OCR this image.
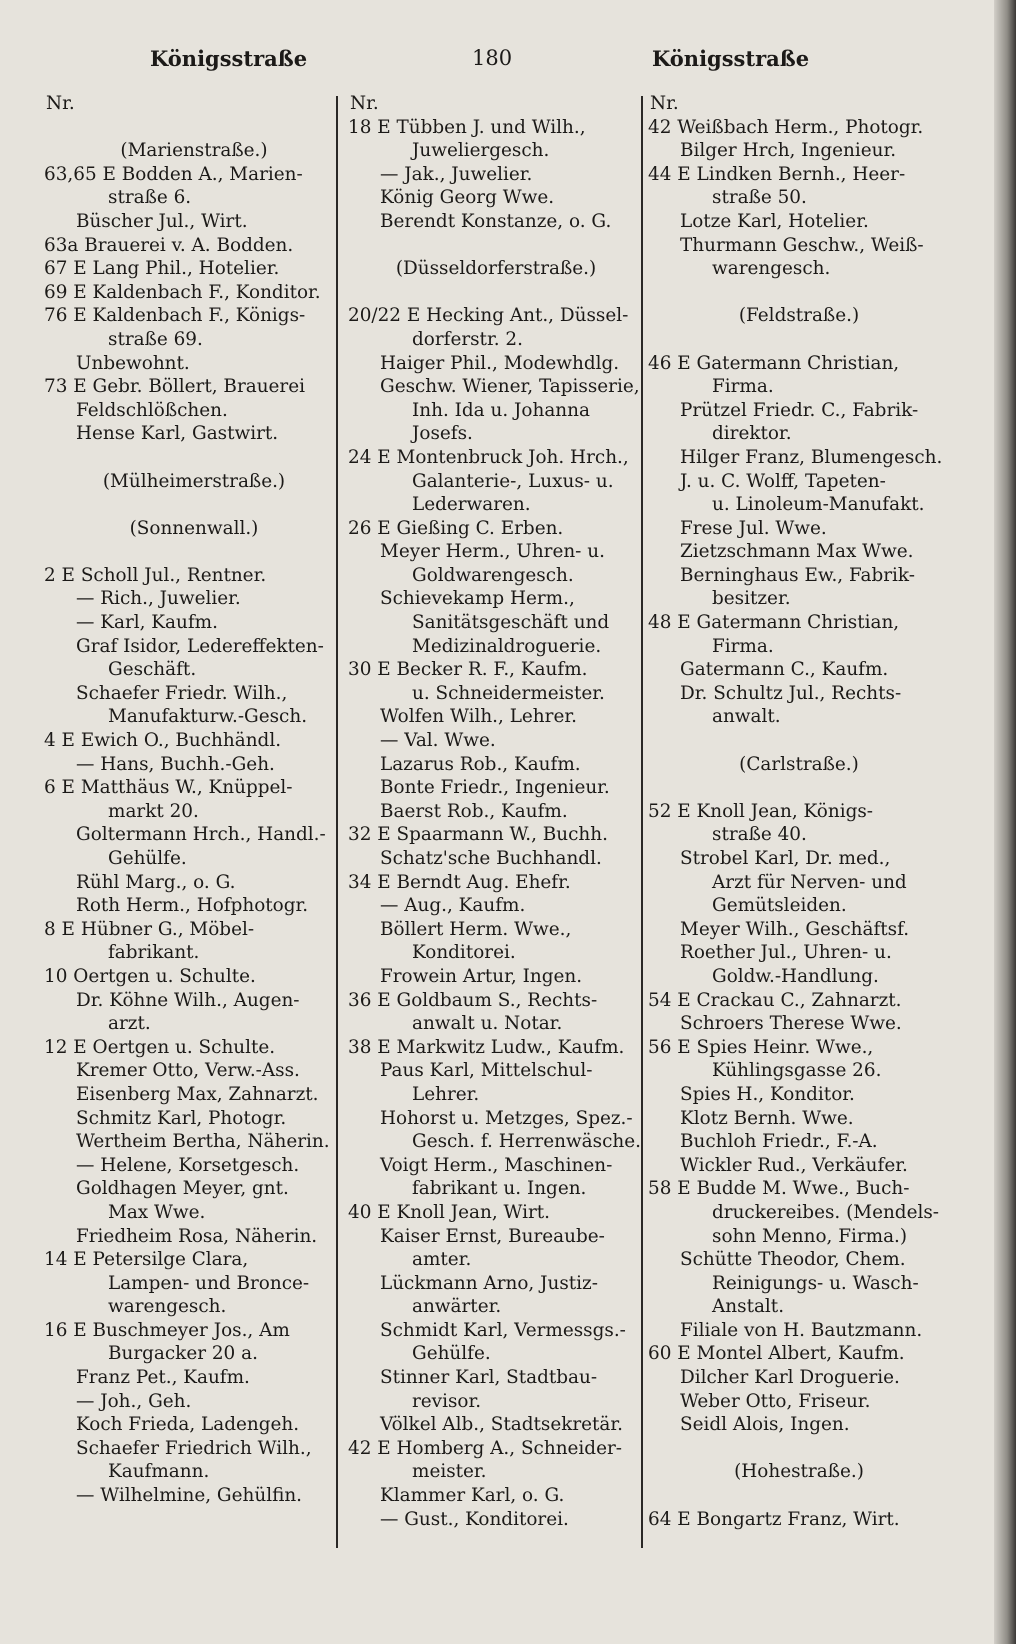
Königsstraße	180	Königsstraße
Nr.
(Marienstraße.)
63,65 E Bodden A., Marien-
straße 6.
Büscher Jul., Wirt.
63a Brauerei v. A. Bodden.
67 E Lang Phil., Hotelier.
69 E Kaldenbach F., Konditor.
76 E Kaldenbach F., Königs-
straße 69.
Unbewohnt.
73 E Gebr. Böllert, Brauerei
Feldschlößchen.
Hense Karl, Gastwirt.
(Mülheimerstraße.)
(Sonnenwall.)
2 E Scholl Jul., Rentner.
— Rich., Juwelier.
— Karl, Kaufm.
Graf Isidor, Ledereffekten-
Geschäft.
Schaefer Friedr. Wilh.,
Manufakturw.-Gesch.
4 E Ewich O., Buchhändl.
— Hans, Buchh.-Geh.
6 E Matthäus W., Knüppel-
markt 20.
Goltermann Hrch., Handl.-
Gehülfe.
Rühl Marg., o. G.
Roth Herm., Hofphotogr.
8 E Hübner G., Möbel-
fabrikant.
10 Oertgen u. Schulte.
Dr. Köhne Wilh., Augen-
arzt.
12 E Oertgen u. Schulte.
Kremer Otto, Verw.-Ass.
Eisenberg Max, Zahnarzt.
Schmitz Karl, Photogr.
Wertheim Bertha, Näherin.
— Helene, Korsetgesch.
Goldhagen Meyer, gnt.
Max Wwe.
Friedheim Rosa, Näherin.
14 E Petersilge Clara,
Lampen- und Bronce-
warengesch.
16 E Buschmeyer Jos., Am
Burgacker 20 a.
Franz Pet., Kaufm.
— Joh., Geh.
Koch Frieda, Ladengeh.
Schaefer Friedrich Wilh.,
Kaufmann.
— Wilhelmine, Gehülfin.
Nr.
18 E Tübben J. und Wilh.,
Juweliergesch.
— Jak., Juwelier.
König Georg Wwe.
Berendt Konstanze, o. G.
(Düsseldorferstraße.)
20/22 E Hecking Ant., Düssel-
dorferstr. 2.
Haiger Phil., Modewhdlg.
Geschw. Wiener, Tapisserie,
Inh. Ida u. Johanna
Josefs.
24 E Montenbruck Joh. Hrch.,
Galanterie-, Luxus- u.
Lederwaren.
26 E Gießing C. Erben.
Meyer Herm., Uhren- u.
Goldwarengesch.
Schievekamp Herm.,
Sanitätsgeschäft und
Medizinaldroguerie.
30 E Becker R. F., Kaufm.
u. Schneidermeister.
Wolfen Wilh., Lehrer.
— Val. Wwe.
Lazarus Rob., Kaufm.
Bonte Friedr., Ingenieur.
Baerst Rob., Kaufm.
32 E Spaarmann W., Buchh.
Schatz'sche Buchhandl.
34 E Berndt Aug. Ehefr.
— Aug., Kaufm.
Böllert Herm. Wwe.,
Konditorei.
Frowein Artur, Ingen.
36 E Goldbaum S., Rechts-
anwalt u. Notar.
38 E Markwitz Ludw., Kaufm.
Paus Karl, Mittelschul-
Lehrer.
Hohorst u. Metzges, Spez.-
Gesch. f. Herrenwäsche.
Voigt Herm., Maschinen-
fabrikant u. Ingen.
40 E Knoll Jean, Wirt.
Kaiser Ernst, Bureaube-
amter.
Lückmann Arno, Justiz-
anwärter.
Schmidt Karl, Vermessgs.-
Gehülfe.
Stinner Karl, Stadtbau-
revisor.
Völkel Alb., Stadtsekretär.
42 E Homberg A., Schneider-
meister.
Klammer Karl, o. G.
— Gust., Konditorei.
Nr.
42 Weißbach Herm., Photogr.
Bilger Hrch, Ingenieur.
44 E Lindken Bernh., Heer-
straße 50.
Lotze Karl, Hotelier.
Thurmann Geschw., Weiß-
warengesch.
(Feldstraße.)
46 E Gatermann Christian,
Firma.
Prützel Friedr. C., Fabrik-
direktor.
Hilger Franz, Blumengesch.
J. u. C. Wolff, Tapeten-
u. Linoleum-Manufakt.
Frese Jul. Wwe.
Zietzschmann Max Wwe.
Berninghaus Ew., Fabrik-
besitzer.
48 E Gatermann Christian,
Firma.
Gatermann C., Kaufm.
Dr. Schultz Jul., Rechts-
anwalt.
(Carlstraße.)
52 E Knoll Jean, Königs-
straße 40.
Strobel Karl, Dr. med.,
Arzt für Nerven- und
Gemütsleiden.
Meyer Wilh., Geschäftsf.
Roether Jul., Uhren- u.
Goldw.-Handlung.
54 E Crackau C., Zahnarzt.
Schroers Therese Wwe.
56 E Spies Heinr. Wwe.,
Kühlingsgasse 26.
Spies H., Konditor.
Klotz Bernh. Wwe.
Buchloh Friedr., F.-A.
Wickler Rud., Verkäufer.
58 E Budde M. Wwe., Buch-
druckereibes. (Mendels-
sohn Menno, Firma.)
Schütte Theodor, Chem.
Reinigungs- u. Wasch-
Anstalt.
Filiale von H. Bautzmann.
60 E Montel Albert, Kaufm.
Dilcher Karl Droguerie.
Weber Otto, Friseur.
Seidl Alois, Ingen.
(Hohestraße.)
64 E Bongartz Franz, Wirt.
